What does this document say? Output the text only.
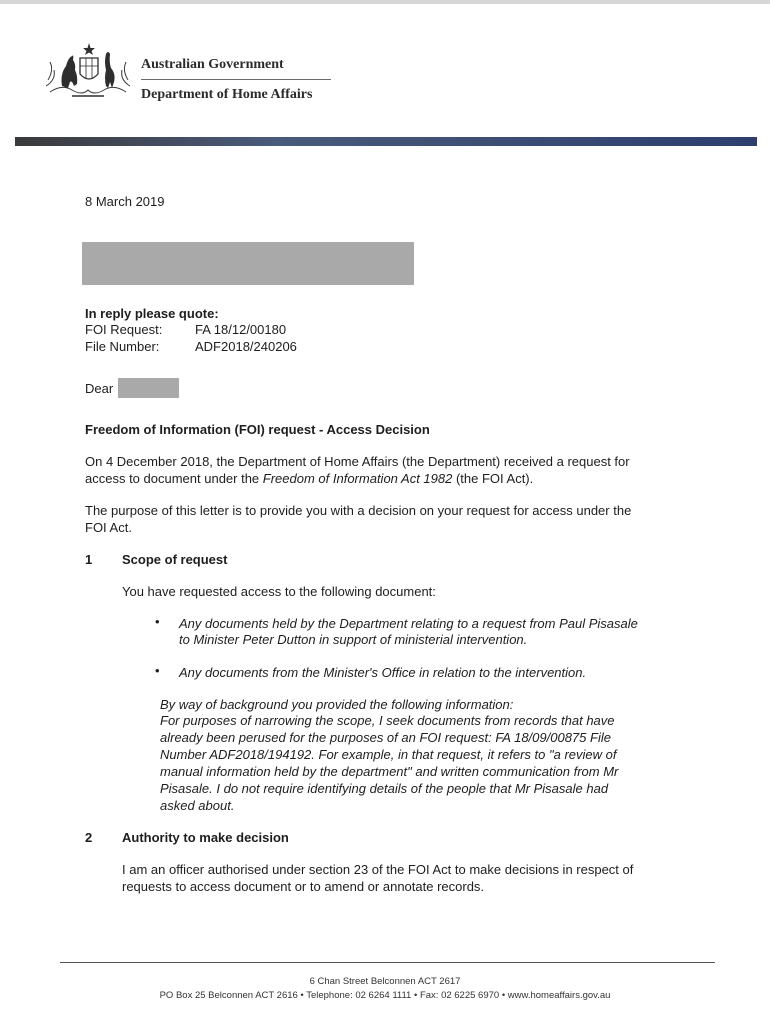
Australian Government
Department of Home Affairs
8 March 2019
In reply please quote:
FOI Request:	FA 18/12/00180
File Number:	ADF2018/240206
Dear
Freedom of Information (FOI) request - Access Decision
On 4 December 2018, the Department of Home Affairs (the Department) received a request for
access to document under the Freedom of Information Act 1982 (the FOI Act).
The purpose of this letter is to provide you with a decision on your request for access under the
FOI Act.
1 Scope of request
You have requested access to the following document:
• Any documents held by the Department relating to a request from Paul Pisasale
to Minister Peter Dutton in support of ministerial intervention.
• Any documents from the Minister's Office in relation to the intervention.
By way of background you provided the following information:
For purposes of narrowing the scope, I seek documents from records that have
already been perused for the purposes of an FOI request: FA 18/09/00875 File
Number ADF2018/194192. For example, in that request, it refers to "a review of
manual information held by the department" and written communication from Mr
Pisasale. I do not require identifying details of the people that Mr Pisasale had
asked about.
2 Authority to make decision
I am an officer authorised under section 23 of the FOI Act to make decisions in respect of
requests to access document or to amend or annotate records.
6 Chan Street Belconnen ACT 2617
PO Box 25 Belconnen ACT 2616 • Telephone: 02 6264 1111 • Fax: 02 6225 6970 • www.homeaffairs.gov.au
